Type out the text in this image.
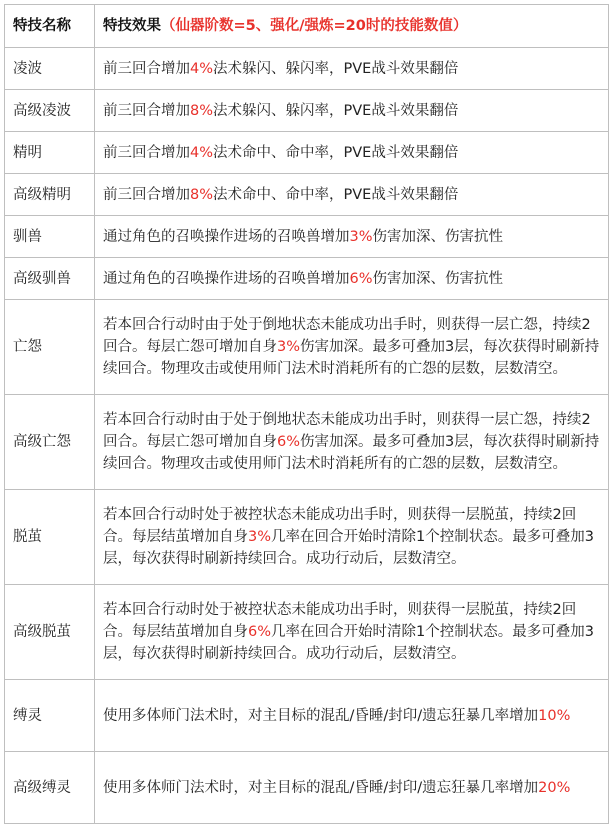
特技名称	特技效果（仙器阶数=5、强化/强炼=20时的技能数值）
凌波	前三回合增加4%法术躲闪、躲闪率，PVE战斗效果翻倍
高级凌波	前三回合增加8%法术躲闪、躲闪率，PVE战斗效果翻倍
精明	前三回合增加4%法术命中、命中率，PVE战斗效果翻倍
高级精明	前三回合增加8%法术命中、命中率，PVE战斗效果翻倍
驯兽	通过角色的召唤操作进场的召唤兽增加3%伤害加深、伤害抗性
高级驯兽	通过角色的召唤操作进场的召唤兽增加6%伤害加深、伤害抗性
亡怨	若本回合行动时由于处于倒地状态未能成功出手时，则获得一层亡怨，持续2回合。每层亡怨可增加自身3%伤害加深。最多可叠加3层，每次获得时刷新持续回合。物理攻击或使用师门法术时消耗所有的亡怨的层数，层数清空。
高级亡怨	若本回合行动时由于处于倒地状态未能成功出手时，则获得一层亡怨，持续2回合。每层亡怨可增加自身6%伤害加深。最多可叠加3层，每次获得时刷新持续回合。物理攻击或使用师门法术时消耗所有的亡怨的层数，层数清空。
脱茧	若本回合行动时处于被控状态未能成功出手时，则获得一层脱茧，持续2回合。每层结茧增加自身3%几率在回合开始时清除1个控制状态。最多可叠加3层，每次获得时刷新持续回合。成功行动后，层数清空。
高级脱茧	若本回合行动时处于被控状态未能成功出手时，则获得一层脱茧，持续2回合。每层结茧增加自身6%几率在回合开始时清除1个控制状态。最多可叠加3层，每次获得时刷新持续回合。成功行动后，层数清空。
缚灵	使用多体师门法术时，对主目标的混乱/昏睡/封印/遗忘狂暴几率增加10%
高级缚灵	使用多体师门法术时，对主目标的混乱/昏睡/封印/遗忘狂暴几率增加20%
